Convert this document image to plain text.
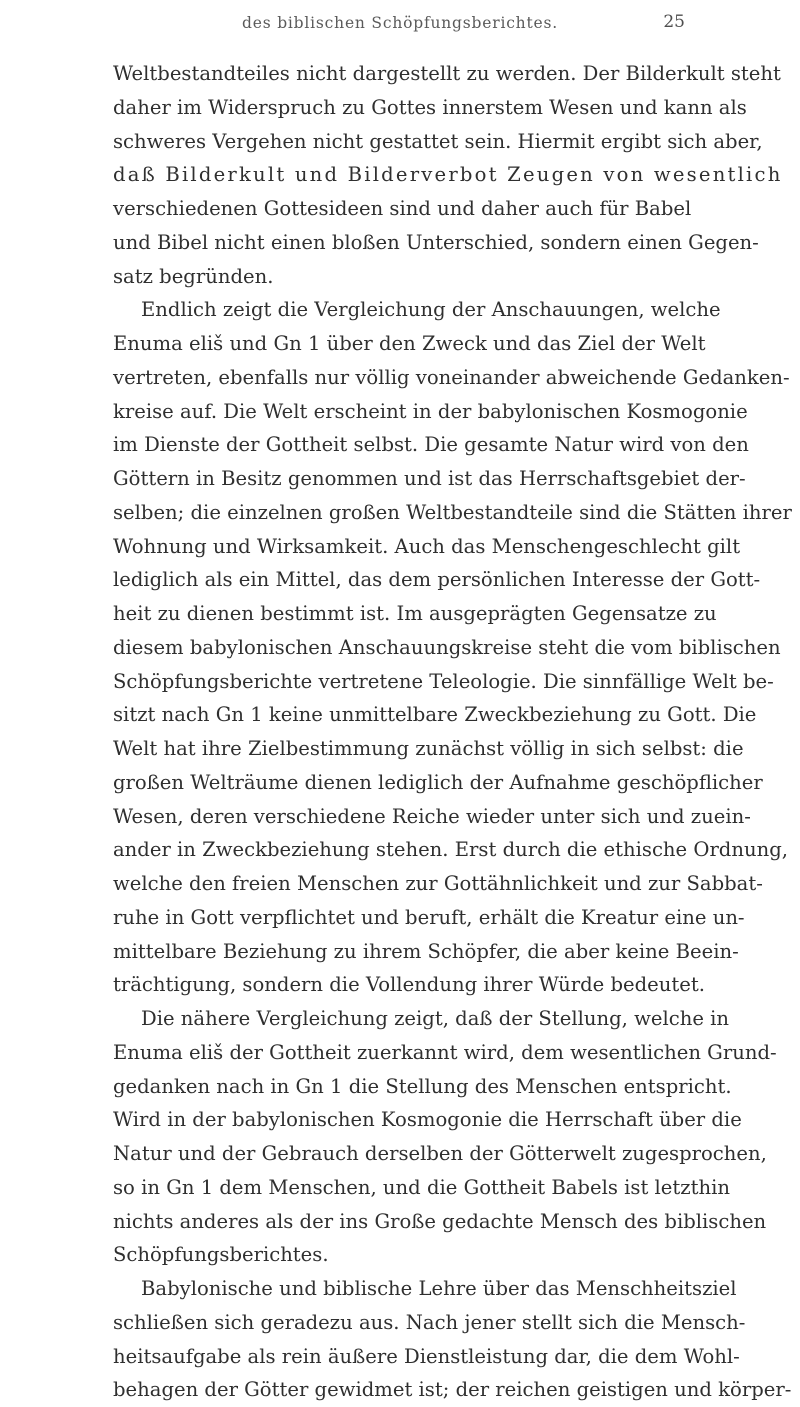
des biblischen Schöpfungsberichtes.	25
Weltbestandteiles nicht dargestellt zu werden. Der Bilderkult steht
daher im Widerspruch zu Gottes innerstem Wesen und kann als
schweres Vergehen nicht gestattet sein. Hiermit ergibt sich aber,
daß Bilderkult und Bilderverbot Zeugen von wesentlich
verschiedenen Gottesideen sind und daher auch für Babel
und Bibel nicht einen bloßen Unterschied, sondern einen Gegen-
satz begründen.
Endlich zeigt die Vergleichung der Anschauungen, welche
Enuma eliš und Gn 1 über den Zweck und das Ziel der Welt
vertreten, ebenfalls nur völlig voneinander abweichende Gedanken-
kreise auf. Die Welt erscheint in der babylonischen Kosmogonie
im Dienste der Gottheit selbst. Die gesamte Natur wird von den
Göttern in Besitz genommen und ist das Herrschaftsgebiet der-
selben; die einzelnen großen Weltbestandteile sind die Stätten ihrer
Wohnung und Wirksamkeit. Auch das Menschengeschlecht gilt
lediglich als ein Mittel, das dem persönlichen Interesse der Gott-
heit zu dienen bestimmt ist. Im ausgeprägten Gegensatze zu
diesem babylonischen Anschauungskreise steht die vom biblischen
Schöpfungsberichte vertretene Teleologie. Die sinnfällige Welt be-
sitzt nach Gn 1 keine unmittelbare Zweckbeziehung zu Gott. Die
Welt hat ihre Zielbestimmung zunächst völlig in sich selbst: die
großen Welträume dienen lediglich der Aufnahme geschöpflicher
Wesen, deren verschiedene Reiche wieder unter sich und zuein-
ander in Zweckbeziehung stehen. Erst durch die ethische Ordnung,
welche den freien Menschen zur Gottähnlichkeit und zur Sabbat-
ruhe in Gott verpflichtet und beruft, erhält die Kreatur eine un-
mittelbare Beziehung zu ihrem Schöpfer, die aber keine Beein-
trächtigung, sondern die Vollendung ihrer Würde bedeutet.
Die nähere Vergleichung zeigt, daß der Stellung, welche in
Enuma eliš der Gottheit zuerkannt wird, dem wesentlichen Grund-
gedanken nach in Gn 1 die Stellung des Menschen entspricht.
Wird in der babylonischen Kosmogonie die Herrschaft über die
Natur und der Gebrauch derselben der Götterwelt zugesprochen,
so in Gn 1 dem Menschen, und die Gottheit Babels ist letzthin
nichts anderes als der ins Große gedachte Mensch des biblischen
Schöpfungsberichtes.
Babylonische und biblische Lehre über das Menschheitsziel
schließen sich geradezu aus. Nach jener stellt sich die Mensch-
heitsaufgabe als rein äußere Dienstleistung dar, die dem Wohl-
behagen der Götter gewidmet ist; der reichen geistigen und körper-
